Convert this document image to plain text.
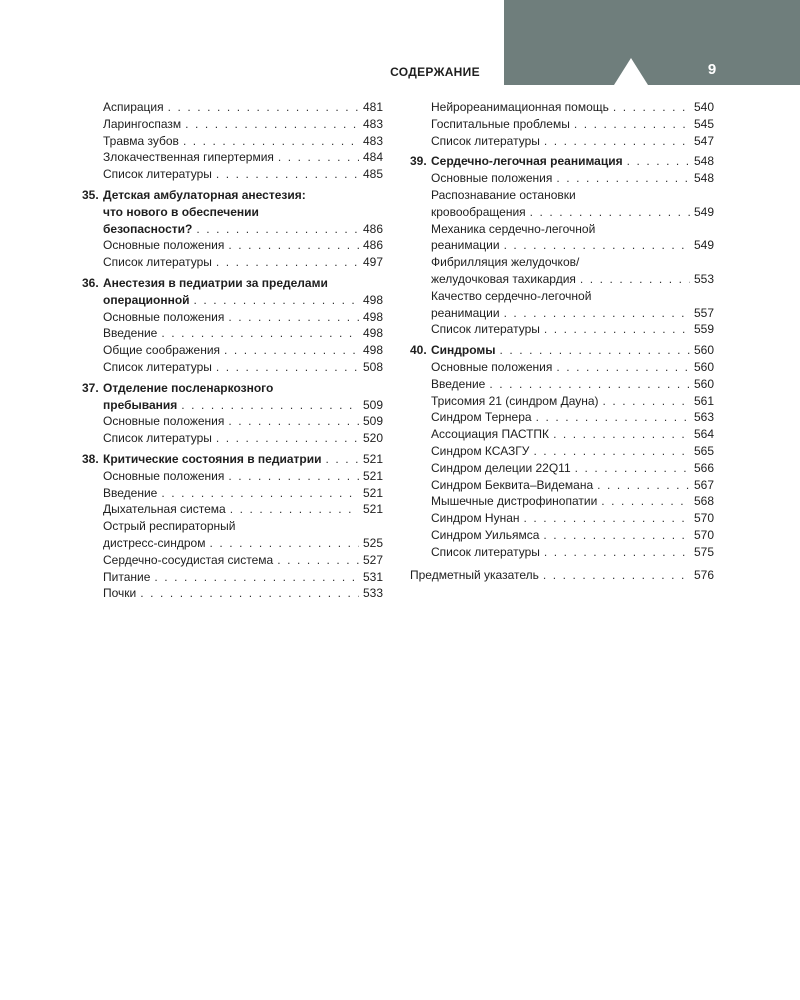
9
СОДЕРЖАНИЕ
Аспирация . . .	481
Ларингоспазм . . .	483
Травма зубов . . .	483
Злокачественная гипертермия . . .	484
Список литературы . . .	485
35. Детская амбулаторная анестезия:
что нового в обеспечении
безопасности? . . .	486
Основные положения . . .	486
Список литературы . . .	497
36. Анестезия в педиатрии за пределами
операционной . . .	498
Основные положения . . .	498
Введение . . .	498
Общие соображения . . .	498
Список литературы . . .	508
37. Отделение посленаркозного
пребывания . . .	509
Основные положения . . .	509
Список литературы . . .	520
38. Критические состояния в педиатрии . . .	521
Основные положения . . .	521
Введение . . .	521
Дыхательная система . . .	521
Острый респираторный
дистресс-синдром . . .	525
Сердечно-сосудистая система . . .	527
Питание . . .	531
Почки . . .	533
Нейрореанимационная помощь . . .	540
Госпитальные проблемы . . .	545
Список литературы . . .	547
39. Сердечно-легочная реанимация . . .	548
Основные положения . . .	548
Распознавание остановки
кровообращения . . .	549
Механика сердечно-легочной
реанимации . . .	549
Фибрилляция желудочков/
желудочковая тахикардия . . .	553
Качество сердечно-легочной
реанимации . . .	557
Список литературы . . .	559
40. Синдромы . . .	560
Основные положения . . .	560
Введение . . .	560
Трисомия 21 (синдром Дауна) . . .	561
Синдром Тернера . . .	563
Ассоциация ПАСТПК . . .	564
Синдром КСАЗГУ . . .	565
Синдром делеции 22Q11 . . .	566
Синдром Беквита–Видемана . . .	567
Мышечные дистрофинопатии . . .	568
Синдром Нунан . . .	570
Синдром Уильямса . . .	570
Список литературы . . .	575
Предметный указатель . . .	576
